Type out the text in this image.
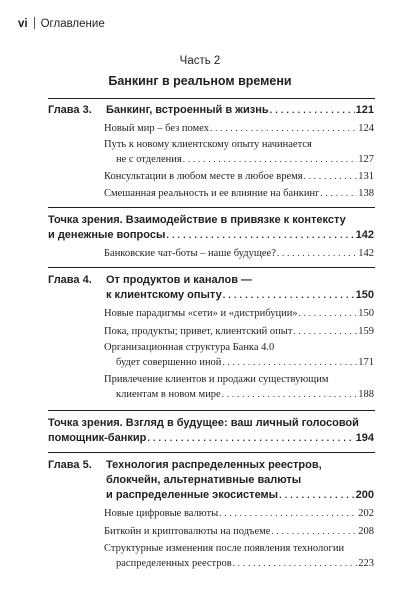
vi Оглавление
Часть 2
Банкинг в реальном времени
Глава 3. Банкинг, встроенный в жизнь . . .	121
Новый мир – без помех . . .	124
Путь к новому клиентскому опыту начинается
не с отделения . . .	127
Консультации в любом месте в любое время . . .	131
Смешанная реальность и ее влияние на банкинг . . .	138
Точка зрения. Взаимодействие в привязке к контексту
и денежные вопросы . . .	142
Банковские чат-боты – наше будущее? . . .	142
Глава 4. От продуктов и каналов —
к клиентскому опыту . . .	150
Новые парадигмы «сети» и «дистрибуции» . . .	150
Пока, продукты; привет, клиентский опыт . . .	159
Организационная структура Банка 4.0
будет совершенно иной . . .	171
Привлечение клиентов и продажи существующим
клиентам в новом мире . . .	188
Точка зрения. Взгляд в будущее: ваш личный голосовой
помощник-банкир . . .	194
Глава 5. Технология распределенных реестров,
блокчейн, альтернативные валюты
и распределенные экосистемы . . .	200
Новые цифровые валюты . . .	202
Биткойн и криптовалюты на подъеме . . .	208
Структурные изменения после появления технологии
распределенных реестров . . .	223
